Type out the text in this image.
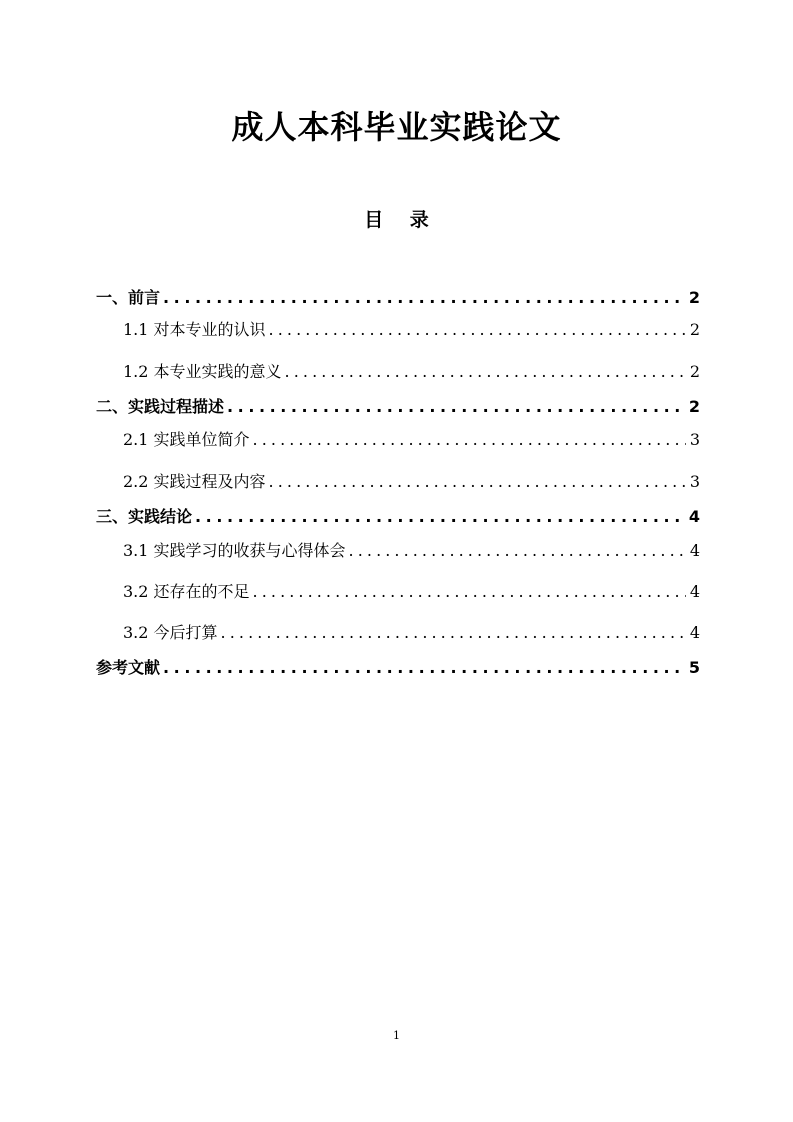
成人本科毕业实践论文
目 录
一、前言 . . .	2
1.1 对本专业的认识 . . .	2
1.2 本专业实践的意义 . . .	2
二、实践过程描述 . . .	2
2.1 实践单位简介 . . .	3
2.2 实践过程及内容 . . .	3
三、实践结论 . . .	4
3.1 实践学习的收获与心得体会 . . .	4
3.2 还存在的不足 . . .	4
3.2 今后打算 . . .	4
参考文献 . . .	5
1
